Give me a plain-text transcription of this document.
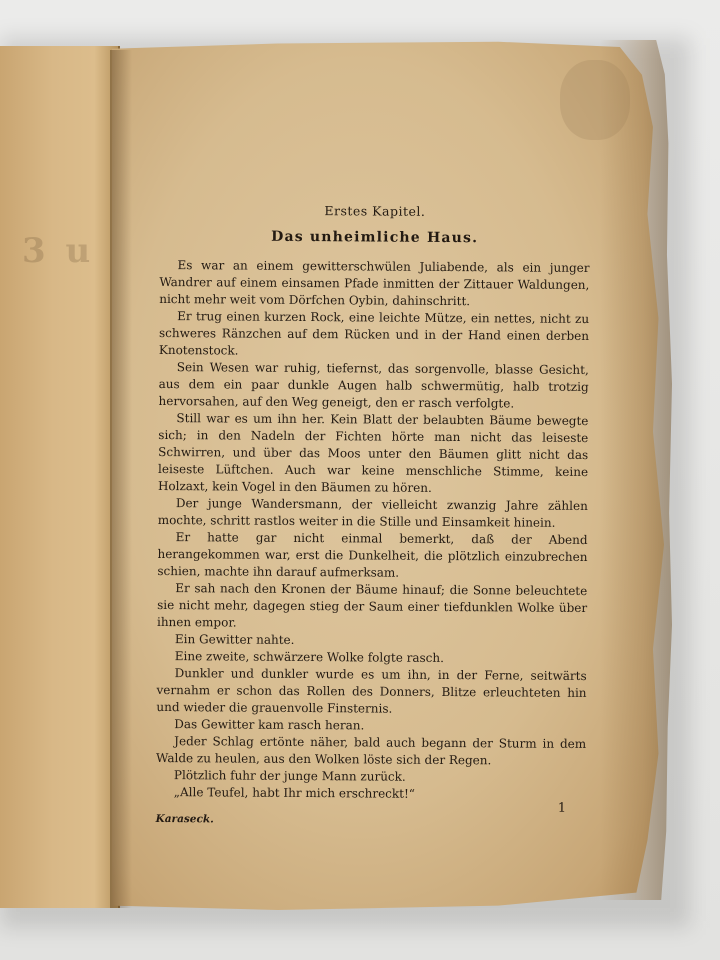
3 u
Erstes Kapitel.
Das unheimliche Haus.

Es war an einem gewitterschwülen Juliabende, als ein junger Wandrer auf einem einsamen Pfade inmitten der Zittauer Waldungen, nicht mehr weit vom Dörfchen Oybin, dahinschritt.

Er trug einen kurzen Rock, eine leichte Mütze, ein nettes, nicht zu schweres Ränzchen auf dem Rücken und in der Hand einen derben Knotenstock.

Sein Wesen war ruhig, tiefernst, das sorgenvolle, blasse Gesicht, aus dem ein paar dunkle Augen halb schwermütig, halb trotzig hervorsahen, auf den Weg geneigt, den er rasch verfolgte.

Still war es um ihn her. Kein Blatt der belaubten Bäume bewegte sich; in den Nadeln der Fichten hörte man nicht das leiseste Schwirren, und über das Moos unter den Bäumen glitt nicht das leiseste Lüftchen. Auch war keine menschliche Stimme, keine Holzaxt, kein Vogel in den Bäumen zu hören.

Der junge Wandersmann, der vielleicht zwanzig Jahre zählen mochte, schritt rastlos weiter in die Stille und Einsamkeit hinein.

Er hatte gar nicht einmal bemerkt, daß der Abend herangekommen war, erst die Dunkelheit, die plötzlich einzubrechen schien, machte ihn darauf aufmerksam.

Er sah nach den Kronen der Bäume hinauf; die Sonne beleuchtete sie nicht mehr, dagegen stieg der Saum einer tiefdunklen Wolke über ihnen empor.

Ein Gewitter nahte.

Eine zweite, schwärzere Wolke folgte rasch.

Dunkler und dunkler wurde es um ihn, in der Ferne, seitwärts vernahm er schon das Rollen des Donners, Blitze erleuchteten hin und wieder die grauenvolle Finsternis.

Das Gewitter kam rasch heran.

Jeder Schlag ertönte näher, bald auch begann der Sturm in dem Walde zu heulen, aus den Wolken löste sich der Regen.

Plötzlich fuhr der junge Mann zurück.

„Alle Teufel, habt Ihr mich erschreckt!“

Karaseck.
1
